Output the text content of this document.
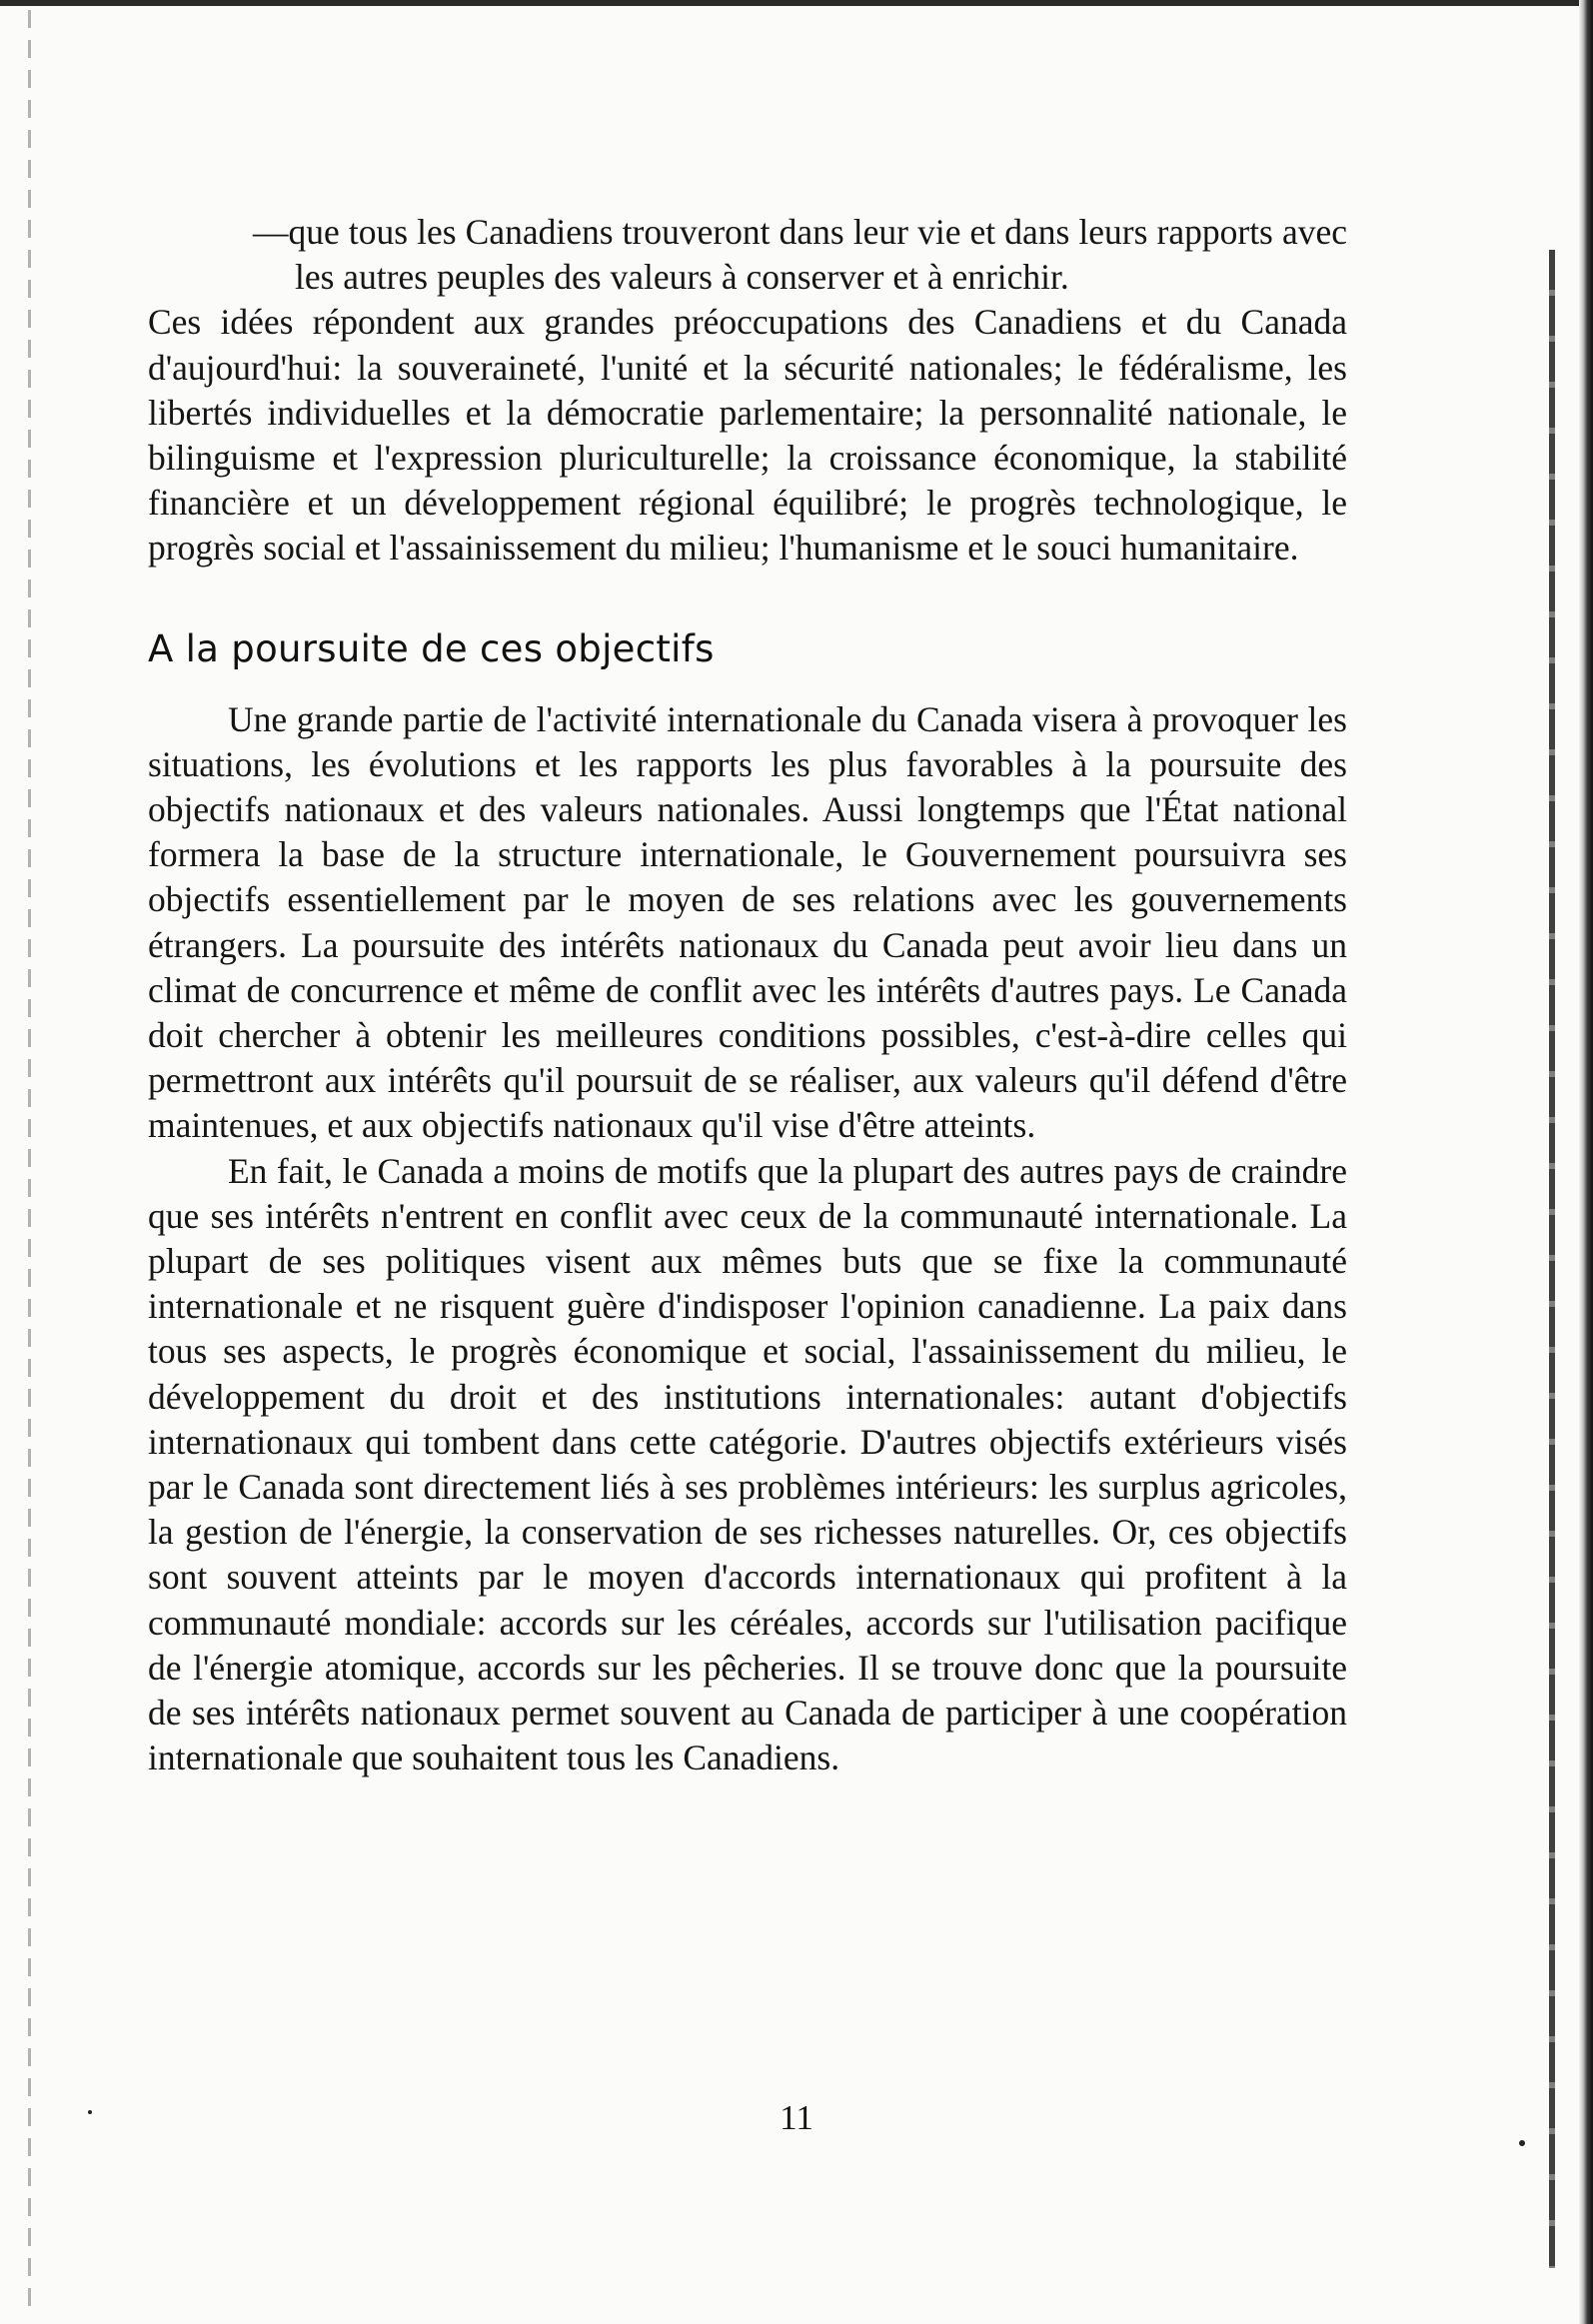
—que tous les Canadiens trouveront dans leur vie et dans leurs rapports avec les autres peuples des valeurs à conserver et à enrichir.

Ces idées répondent aux grandes préoccupations des Canadiens et du Canada d'aujourd'hui: la souveraineté, l'unité et la sécurité nationales; le fédéralisme, les libertés individuelles et la démocratie parlementaire; la personnalité nationale, le bilinguisme et l'expression pluriculturelle; la croissance économique, la stabilité financière et un développement régional équilibré; le progrès technologique, le progrès social et l'assainissement du milieu; l'humanisme et le souci humanitaire.

A la poursuite de ces objectifs

Une grande partie de l'activité internationale du Canada visera à provoquer les situations, les évolutions et les rapports les plus favorables à la poursuite des objectifs nationaux et des valeurs nationales. Aussi longtemps que l'État national formera la base de la structure internationale, le Gouvernement poursuivra ses objectifs essentiellement par le moyen de ses relations avec les gouvernements étrangers. La poursuite des intérêts nationaux du Canada peut avoir lieu dans un climat de concurrence et même de conflit avec les intérêts d'autres pays. Le Canada doit chercher à obtenir les meilleures conditions possibles, c'est-à-dire celles qui permettront aux intérêts qu'il poursuit de se réaliser, aux valeurs qu'il défend d'être maintenues, et aux objectifs nationaux qu'il vise d'être atteints.

En fait, le Canada a moins de motifs que la plupart des autres pays de craindre que ses intérêts n'entrent en conflit avec ceux de la communauté internationale. La plupart de ses politiques visent aux mêmes buts que se fixe la communauté internationale et ne risquent guère d'indisposer l'opinion canadienne. La paix dans tous ses aspects, le progrès économique et social, l'assainissement du milieu, le développement du droit et des institutions internationales: autant d'objectifs internationaux qui tombent dans cette catégorie. D'autres objectifs extérieurs visés par le Canada sont directement liés à ses problèmes intérieurs: les surplus agricoles, la gestion de l'énergie, la conservation de ses richesses naturelles. Or, ces objectifs sont souvent atteints par le moyen d'accords internationaux qui profitent à la communauté mondiale: accords sur les céréales, accords sur l'utilisation pacifique de l'énergie atomique, accords sur les pêcheries. Il se trouve donc que la poursuite de ses intérêts nationaux permet souvent au Canada de participer à une coopération internationale que souhaitent tous les Canadiens.

11
